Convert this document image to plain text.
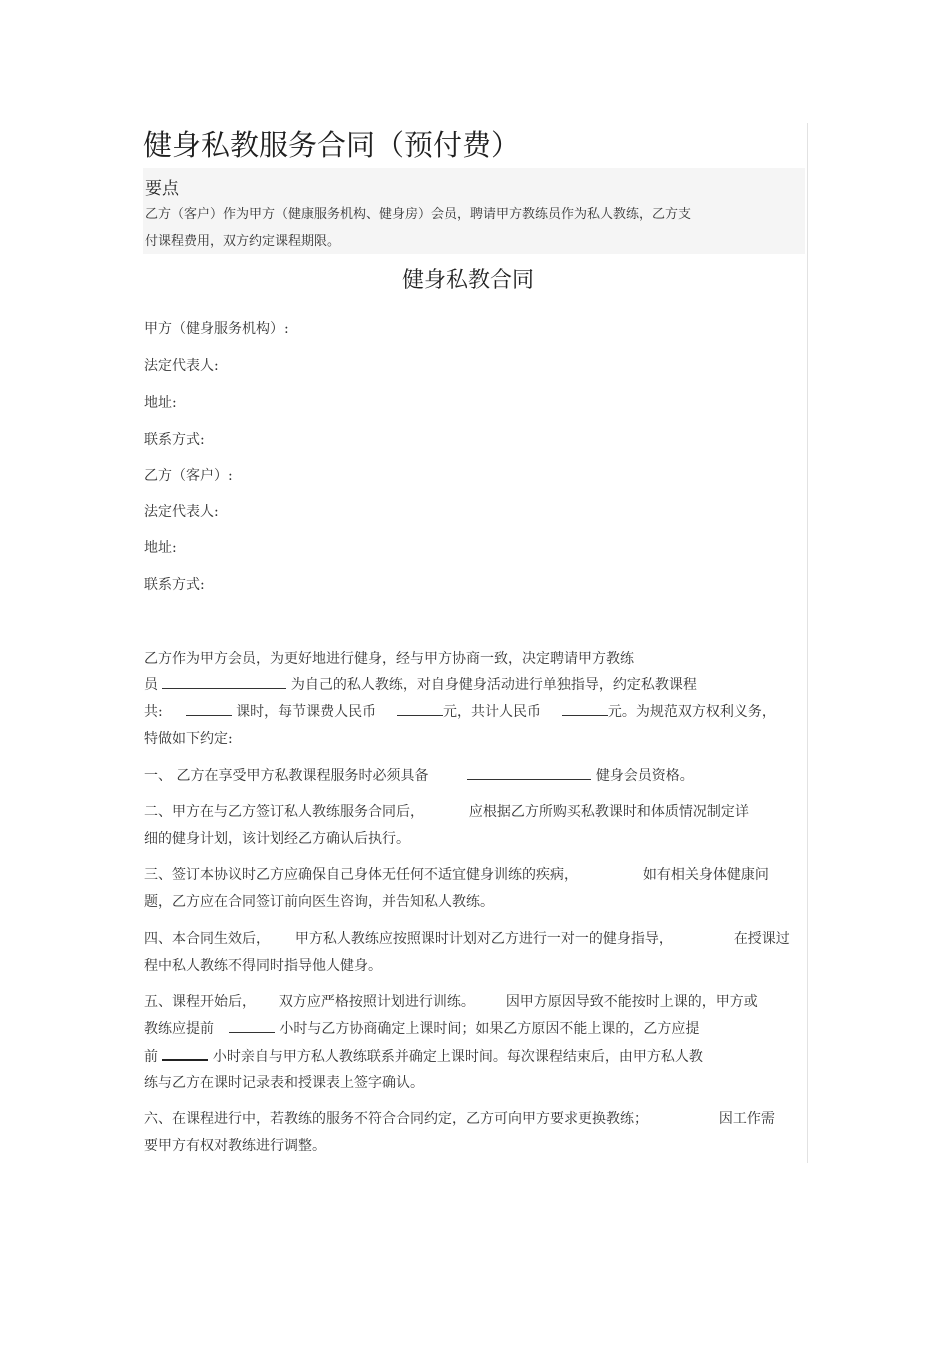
健身私教服务合同（预付费）
要点
乙方（客户）作为甲方（健康服务机构、健身房）会员，聘请甲方教练员作为私人教练，乙方支
付课程费用，双方约定课程期限。
健身私教合同
甲方（健身服务机构）:
法定代表人:
地址:
联系方式:
乙方（客户）:
法定代表人:
地址:
联系方式:
乙方作为甲方会员，为更好地进行健身，经与甲方协商一致，决定聘请甲方教练
员	为自己的私人教练，对自身健身活动进行单独指导，约定私教课程
共:	课时，每节课费人民币	元，共计人民币	元。为规范双方权利义务，
特做如下约定:
一、 乙方在享受甲方私教课程服务时必须具备	健身会员资格。
二、甲方在与乙方签订私人教练服务合同后，	应根据乙方所购买私教课时和体质情况制定详
细的健身计划，该计划经乙方确认后执行。
三、签订本协议时乙方应确保自己身体无任何不适宜健身训练的疾病，	如有相关身体健康问
题，乙方应在合同签订前向医生咨询，并告知私人教练。
四、本合同生效后， 甲方私人教练应按照课时计划对乙方进行一对一的健身指导，	在授课过
程中私人教练不得同时指导他人健身。
五、课程开始后， 双方应严格按照计划进行训练。 因甲方原因导致不能按时上课的，甲方或
教练应提前	小时与乙方协商确定上课时间；如果乙方原因不能上课的，乙方应提
前	小时亲自与甲方私人教练联系并确定上课时间。每次课程结束后，由甲方私人教
练与乙方在课时记录表和授课表上签字确认。
六、在课程进行中，若教练的服务不符合合同约定，乙方可向甲方要求更换教练；	因工作需
要甲方有权对教练进行调整。
